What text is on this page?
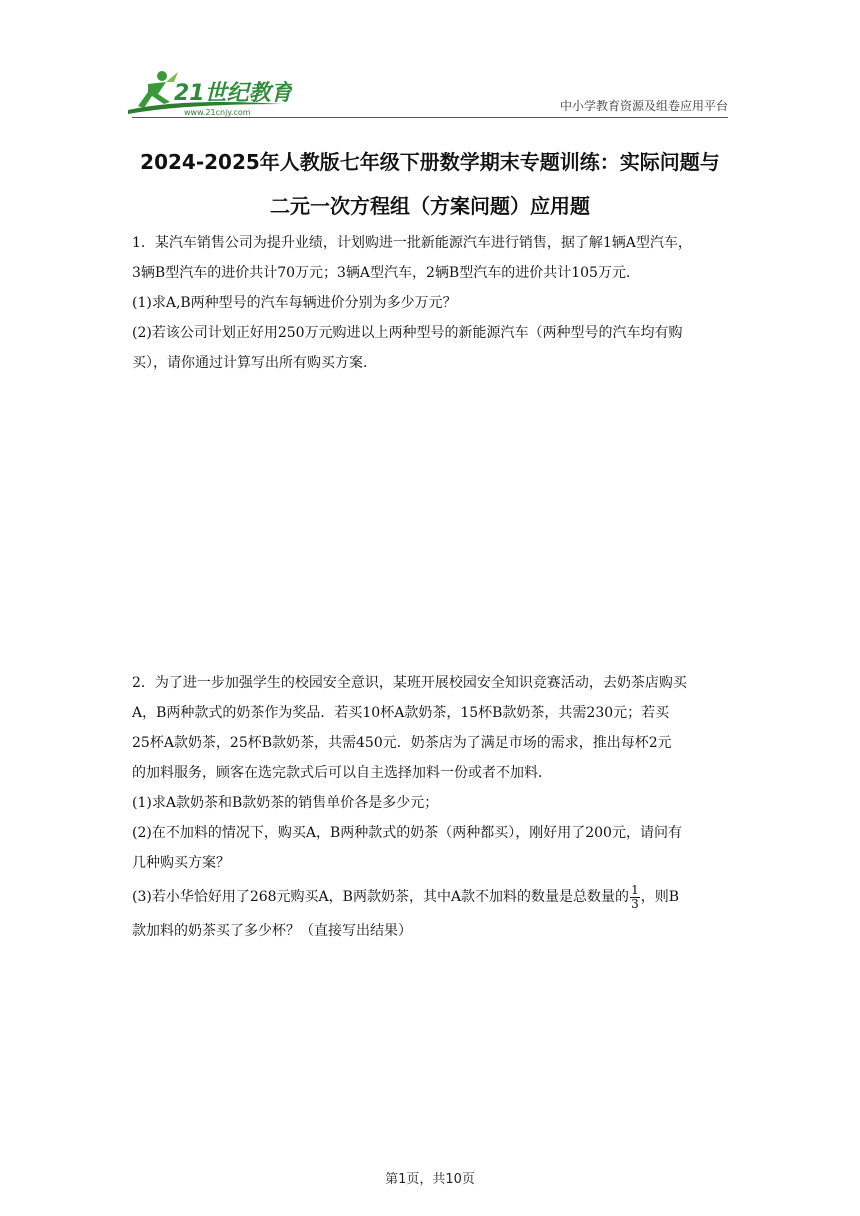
21世纪教育
www.21cnjy.com	中小学教育资源及组卷应用平台
2024-2025年人教版七年级下册数学期末专题训练：实际问题与
二元一次方程组（方案问题）应用题

1．某汽车销售公司为提升业绩，计划购进一批新能源汽车进行销售，据了解1辆A型汽车，

3辆B型汽车的进价共计70万元；3辆A型汽车，2辆B型汽车的进价共计105万元．

(1)求A,B两种型号的汽车每辆进价分别为多少万元？

(2)若该公司计划正好用250万元购进以上两种型号的新能源汽车（两种型号的汽车均有购

买），请你通过计算写出所有购买方案．

2．为了进一步加强学生的校园安全意识，某班开展校园安全知识竞赛活动，去奶茶店购买

A，B两种款式的奶茶作为奖品．若买10杯A款奶茶，15杯B款奶茶，共需230元；若买

25杯A款奶茶，25杯B款奶茶，共需450元．奶茶店为了满足市场的需求，推出每杯2元

的加料服务，顾客在选完款式后可以自主选择加料一份或者不加料．

(1)求A款奶茶和B款奶茶的销售单价各是多少元；

(2)在不加料的情况下，购买A，B两种款式的奶茶（两种都买），刚好用了200元，请问有

几种购买方案？

(3)若小华恰好用了268元购买A，B两款奶茶，其中A款不加料的数量是总数量的 $\frac{1}{3}$ ，则B

款加料的奶茶买了多少杯？（直接写出结果）

第1页，共10页
